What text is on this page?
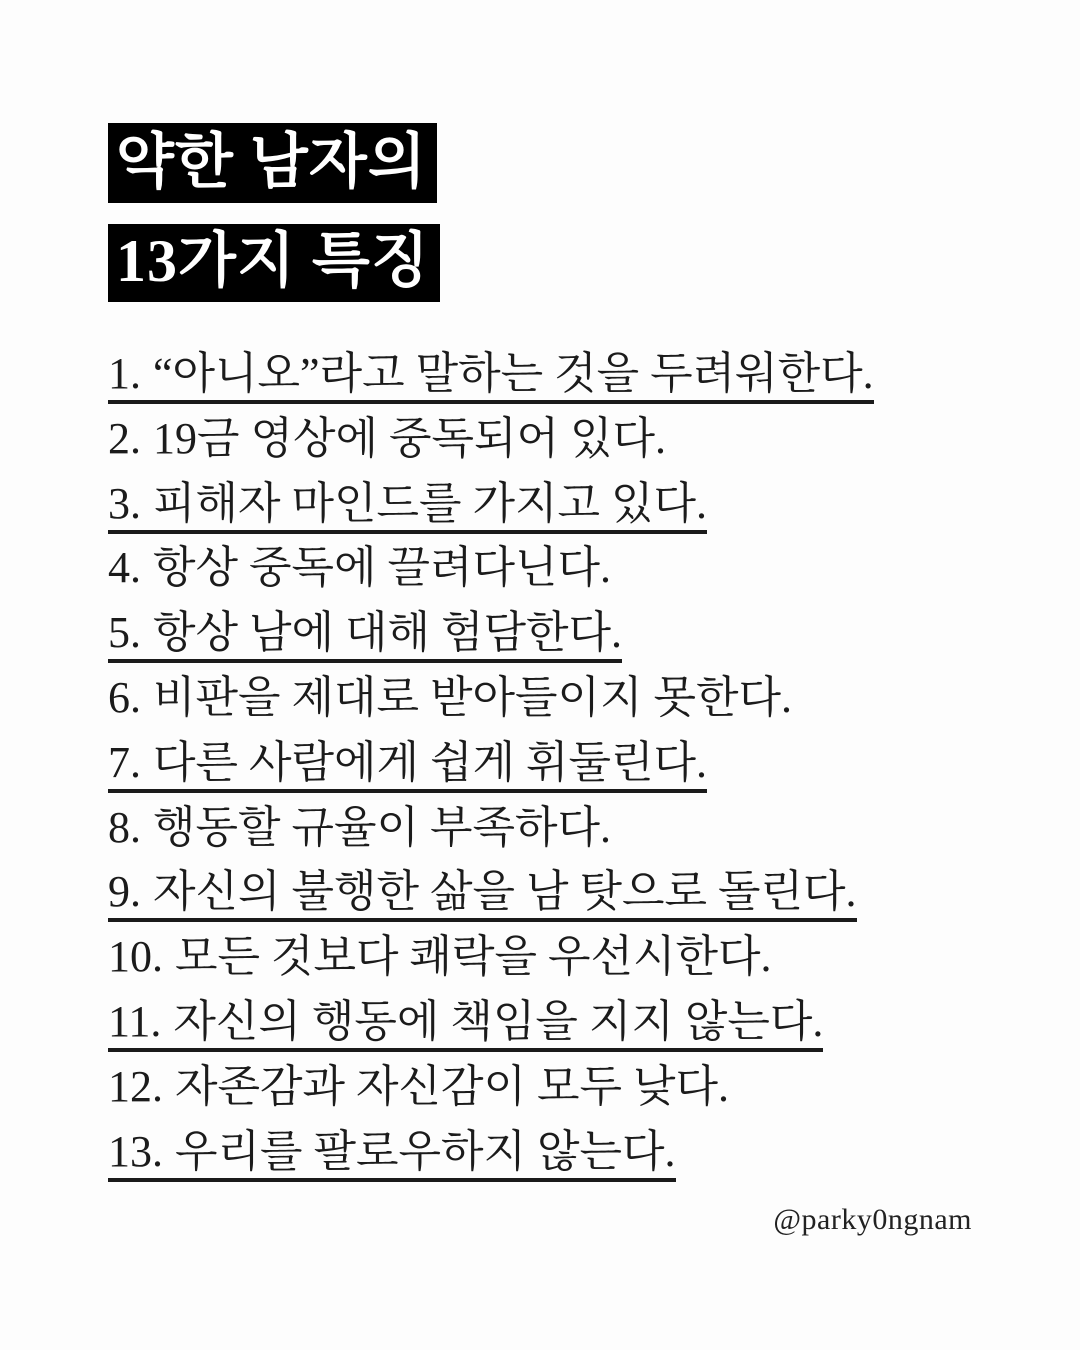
약한 남자의
13가지 특징
1. “아니오”라고 말하는 것을 두려워한다.
2. 19금 영상에 중독되어 있다.
3. 피해자 마인드를 가지고 있다.
4. 항상 중독에 끌려다닌다.
5. 항상 남에 대해 험담한다.
6. 비판을 제대로 받아들이지 못한다.
7. 다른 사람에게 쉽게 휘둘린다.
8. 행동할 규율이 부족하다.
9. 자신의 불행한 삶을 남 탓으로 돌린다.
10. 모든 것보다 쾌락을 우선시한다.
11. 자신의 행동에 책임을 지지 않는다.
12. 자존감과 자신감이 모두 낮다.
13. 우리를 팔로우하지 않는다.
@parky0ngnam
